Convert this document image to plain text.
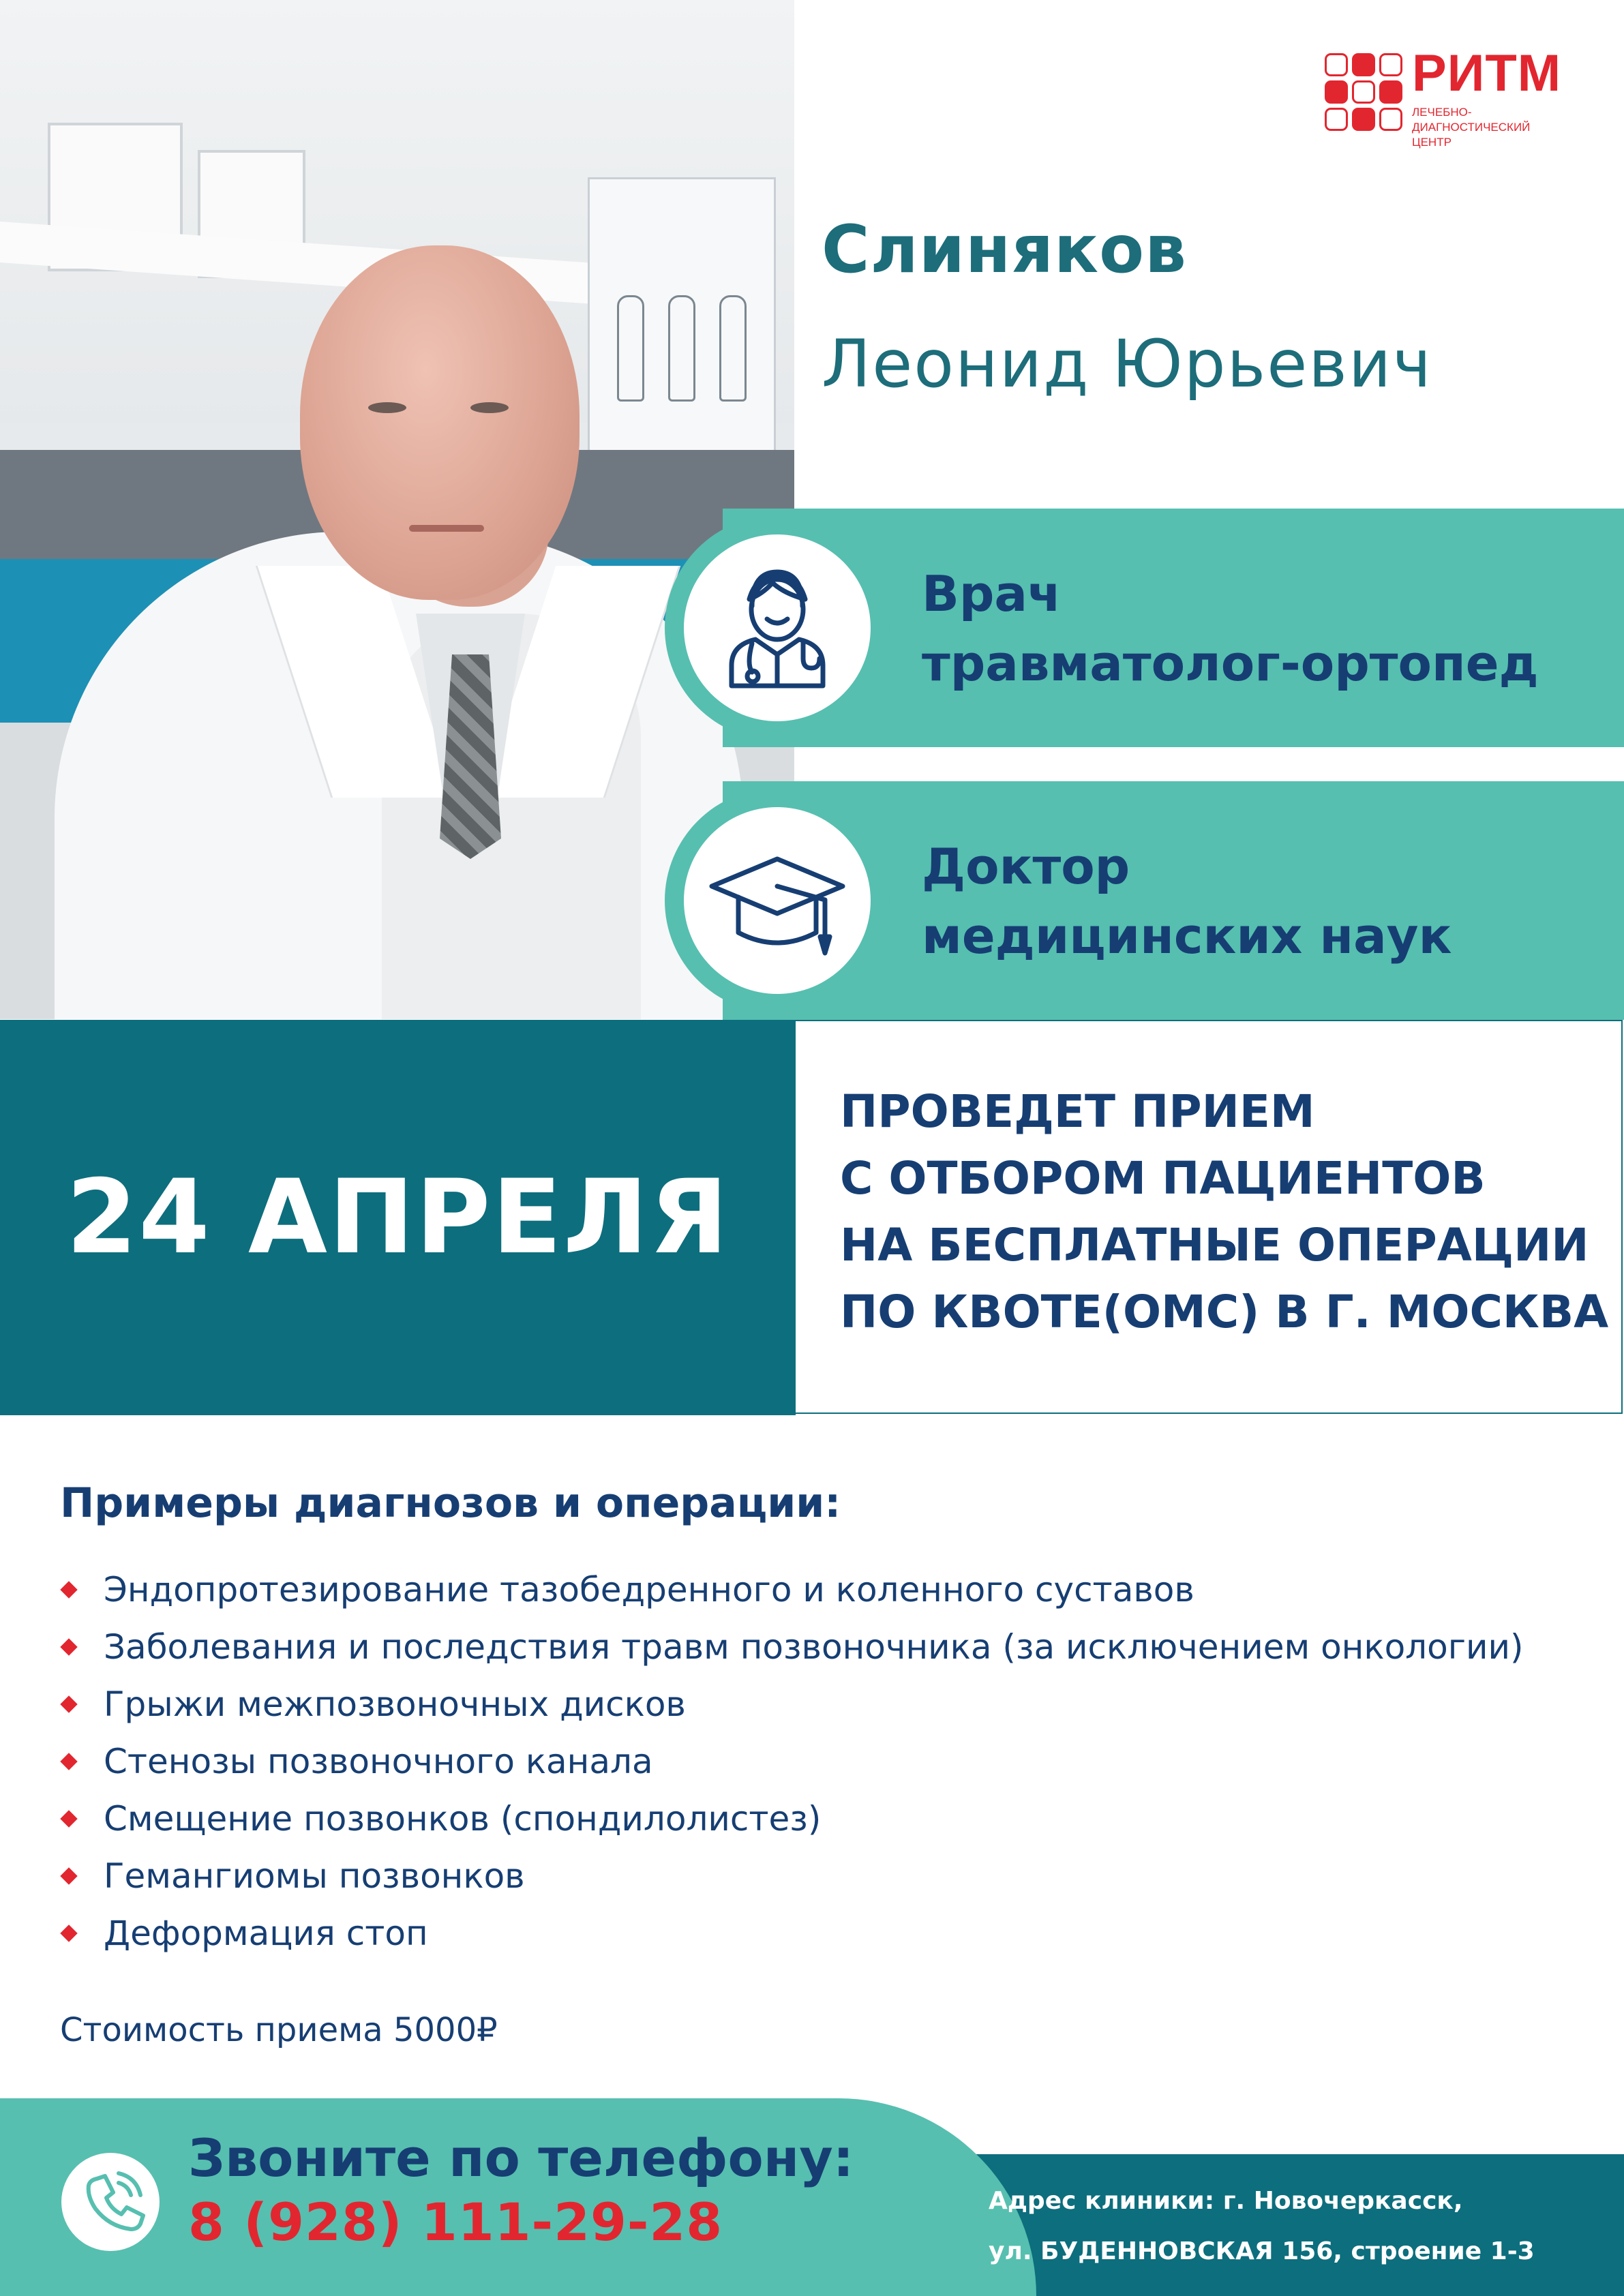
РИТМ
ЛЕЧЕБНО-
ДИАГНОСТИЧЕСКИЙ ЦЕНТР
Слиняков
Леонид Юрьевич
Врач
травматолог-ортопед
Доктор
медицинских наук
24 АПРЕЛЯ
ПРОВЕДЕТ ПРИЕМ
С ОТБОРОМ ПАЦИЕНТОВ
НА БЕСПЛАТНЫЕ ОПЕРАЦИИ
ПО КВОТЕ(ОМС) В Г. МОСКВА
Примеры диагнозов и операции:
Эндопротезирование тазобедренного и коленного суставов
Заболевания и последствия травм позвоночника (за исключением онкологии)
Грыжи межпозвоночных дисков
Стенозы позвоночного канала
Смещение позвонков (спондилолистез)
Гемангиомы позвонков
Деформация стоп
Стоимость приема 5000₽
Звоните по телефону:
8 (928) 111-29-28	Адрес клиники: г. Новочеркасск,
ул. БУДЕННОВСКАЯ 156, строение 1-3
